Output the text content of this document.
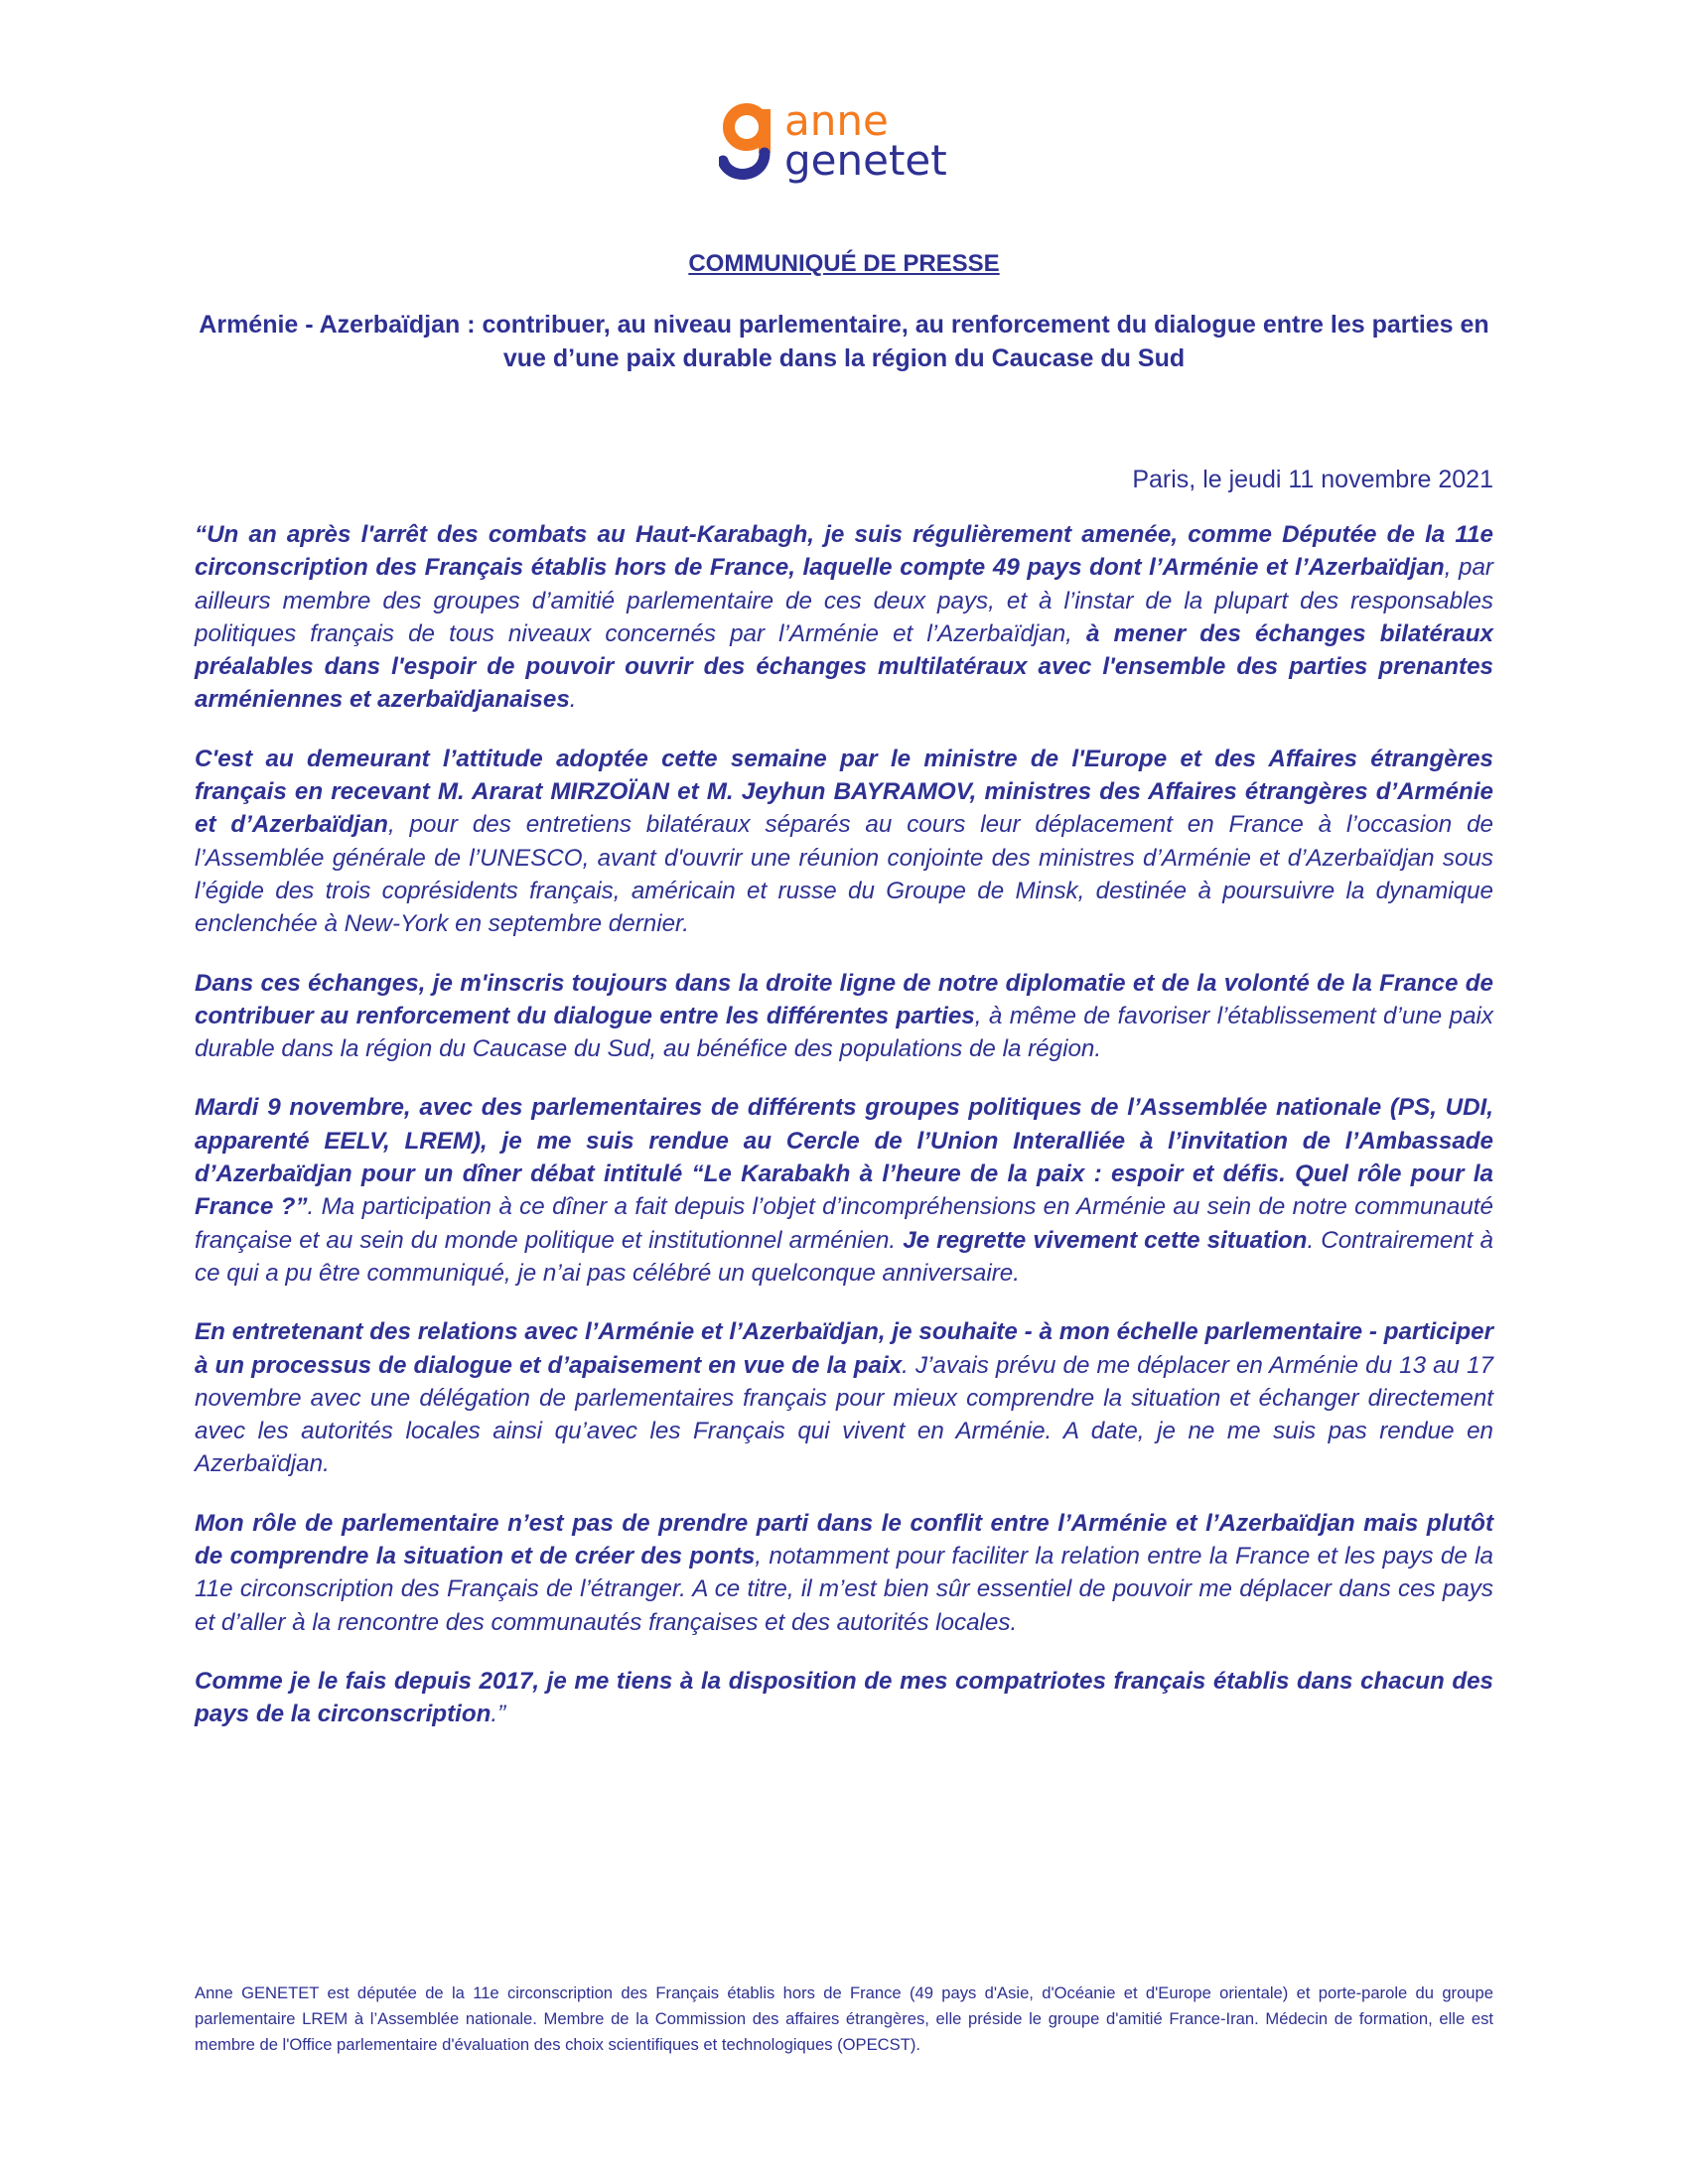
anne
genetet
COMMUNIQUÉ DE PRESSE
Arménie - Azerbaïdjan : contribuer, au niveau parlementaire, au renforcement du dialogue entre les parties en
vue d’une paix durable dans la région du Caucase du Sud
Paris, le jeudi 11 novembre 2021

“Un an après l'arrêt des combats au Haut-Karabagh, je suis régulièrement amenée, comme Députée de la 11e circonscription des Français établis hors de France, laquelle compte 49 pays dont l’Arménie et l’Azerbaïdjan, par ailleurs membre des groupes d’amitié parlementaire de ces deux pays, et à l’instar de la plupart des responsables politiques français de tous niveaux concernés par l’Arménie et l’Azerbaïdjan, à mener des échanges bilatéraux préalables dans l'espoir de pouvoir ouvrir des échanges multilatéraux avec l'ensemble des parties prenantes arméniennes et azerbaïdjanaises.

C'est au demeurant l’attitude adoptée cette semaine par le ministre de l'Europe et des Affaires étrangères français en recevant M. Ararat MIRZOÏAN et M. Jeyhun BAYRAMOV, ministres des Affaires étrangères d’Arménie et d’Azerbaïdjan, pour des entretiens bilatéraux séparés au cours leur déplacement en France à l’occasion de l’Assemblée générale de l’UNESCO, avant d'ouvrir une réunion conjointe des ministres d’Arménie et d’Azerbaïdjan sous l’égide des trois coprésidents français, américain et russe du Groupe de Minsk, destinée à poursuivre la dynamique enclenchée à New-York en septembre dernier.

Dans ces échanges, je m'inscris toujours dans la droite ligne de notre diplomatie et de la volonté de la France de contribuer au renforcement du dialogue entre les différentes parties, à même de favoriser l’établissement d’une paix durable dans la région du Caucase du Sud, au bénéfice des populations de la région.

Mardi 9 novembre, avec des parlementaires de différents groupes politiques de l’Assemblée nationale (PS, UDI, apparenté EELV, LREM), je me suis rendue au Cercle de l’Union Interalliée à l’invitation de l’Ambassade d’Azerbaïdjan pour un dîner débat intitulé “Le Karabakh à l’heure de la paix : espoir et défis. Quel rôle pour la France ?”. Ma participation à ce dîner a fait depuis l’objet d’incompréhensions en Arménie au sein de notre communauté française et au sein du monde politique et institutionnel arménien. Je regrette vivement cette situation. Contrairement à ce qui a pu être communiqué, je n’ai pas célébré un quelconque anniversaire.

En entretenant des relations avec l’Arménie et l’Azerbaïdjan, je souhaite - à mon échelle parlementaire - participer à un processus de dialogue et d’apaisement en vue de la paix. J’avais prévu de me déplacer en Arménie du 13 au 17 novembre avec une délégation de parlementaires français pour mieux comprendre la situation et échanger directement avec les autorités locales ainsi qu’avec les Français qui vivent en Arménie. A date, je ne me suis pas rendue en Azerbaïdjan.

Mon rôle de parlementaire n’est pas de prendre parti dans le conflit entre l’Arménie et l’Azerbaïdjan mais plutôt de comprendre la situation et de créer des ponts, notamment pour faciliter la relation entre la France et les pays de la 11e circonscription des Français de l’étranger. A ce titre, il m’est bien sûr essentiel de pouvoir me déplacer dans ces pays et d’aller à la rencontre des communautés françaises et des autorités locales.

Comme je le fais depuis 2017, je me tiens à la disposition de mes compatriotes français établis dans chacun des pays de la circonscription.”

Anne GENETET est députée de la 11e circonscription des Français établis hors de France (49 pays d'Asie, d'Océanie et d'Europe orientale) et porte-parole du groupe parlementaire LREM à l’Assemblée nationale. Membre de la Commission des affaires étrangères, elle préside le groupe d'amitié France-Iran. Médecin de formation, elle est membre de l'Office parlementaire d'évaluation des choix scientifiques et technologiques (OPECST).
